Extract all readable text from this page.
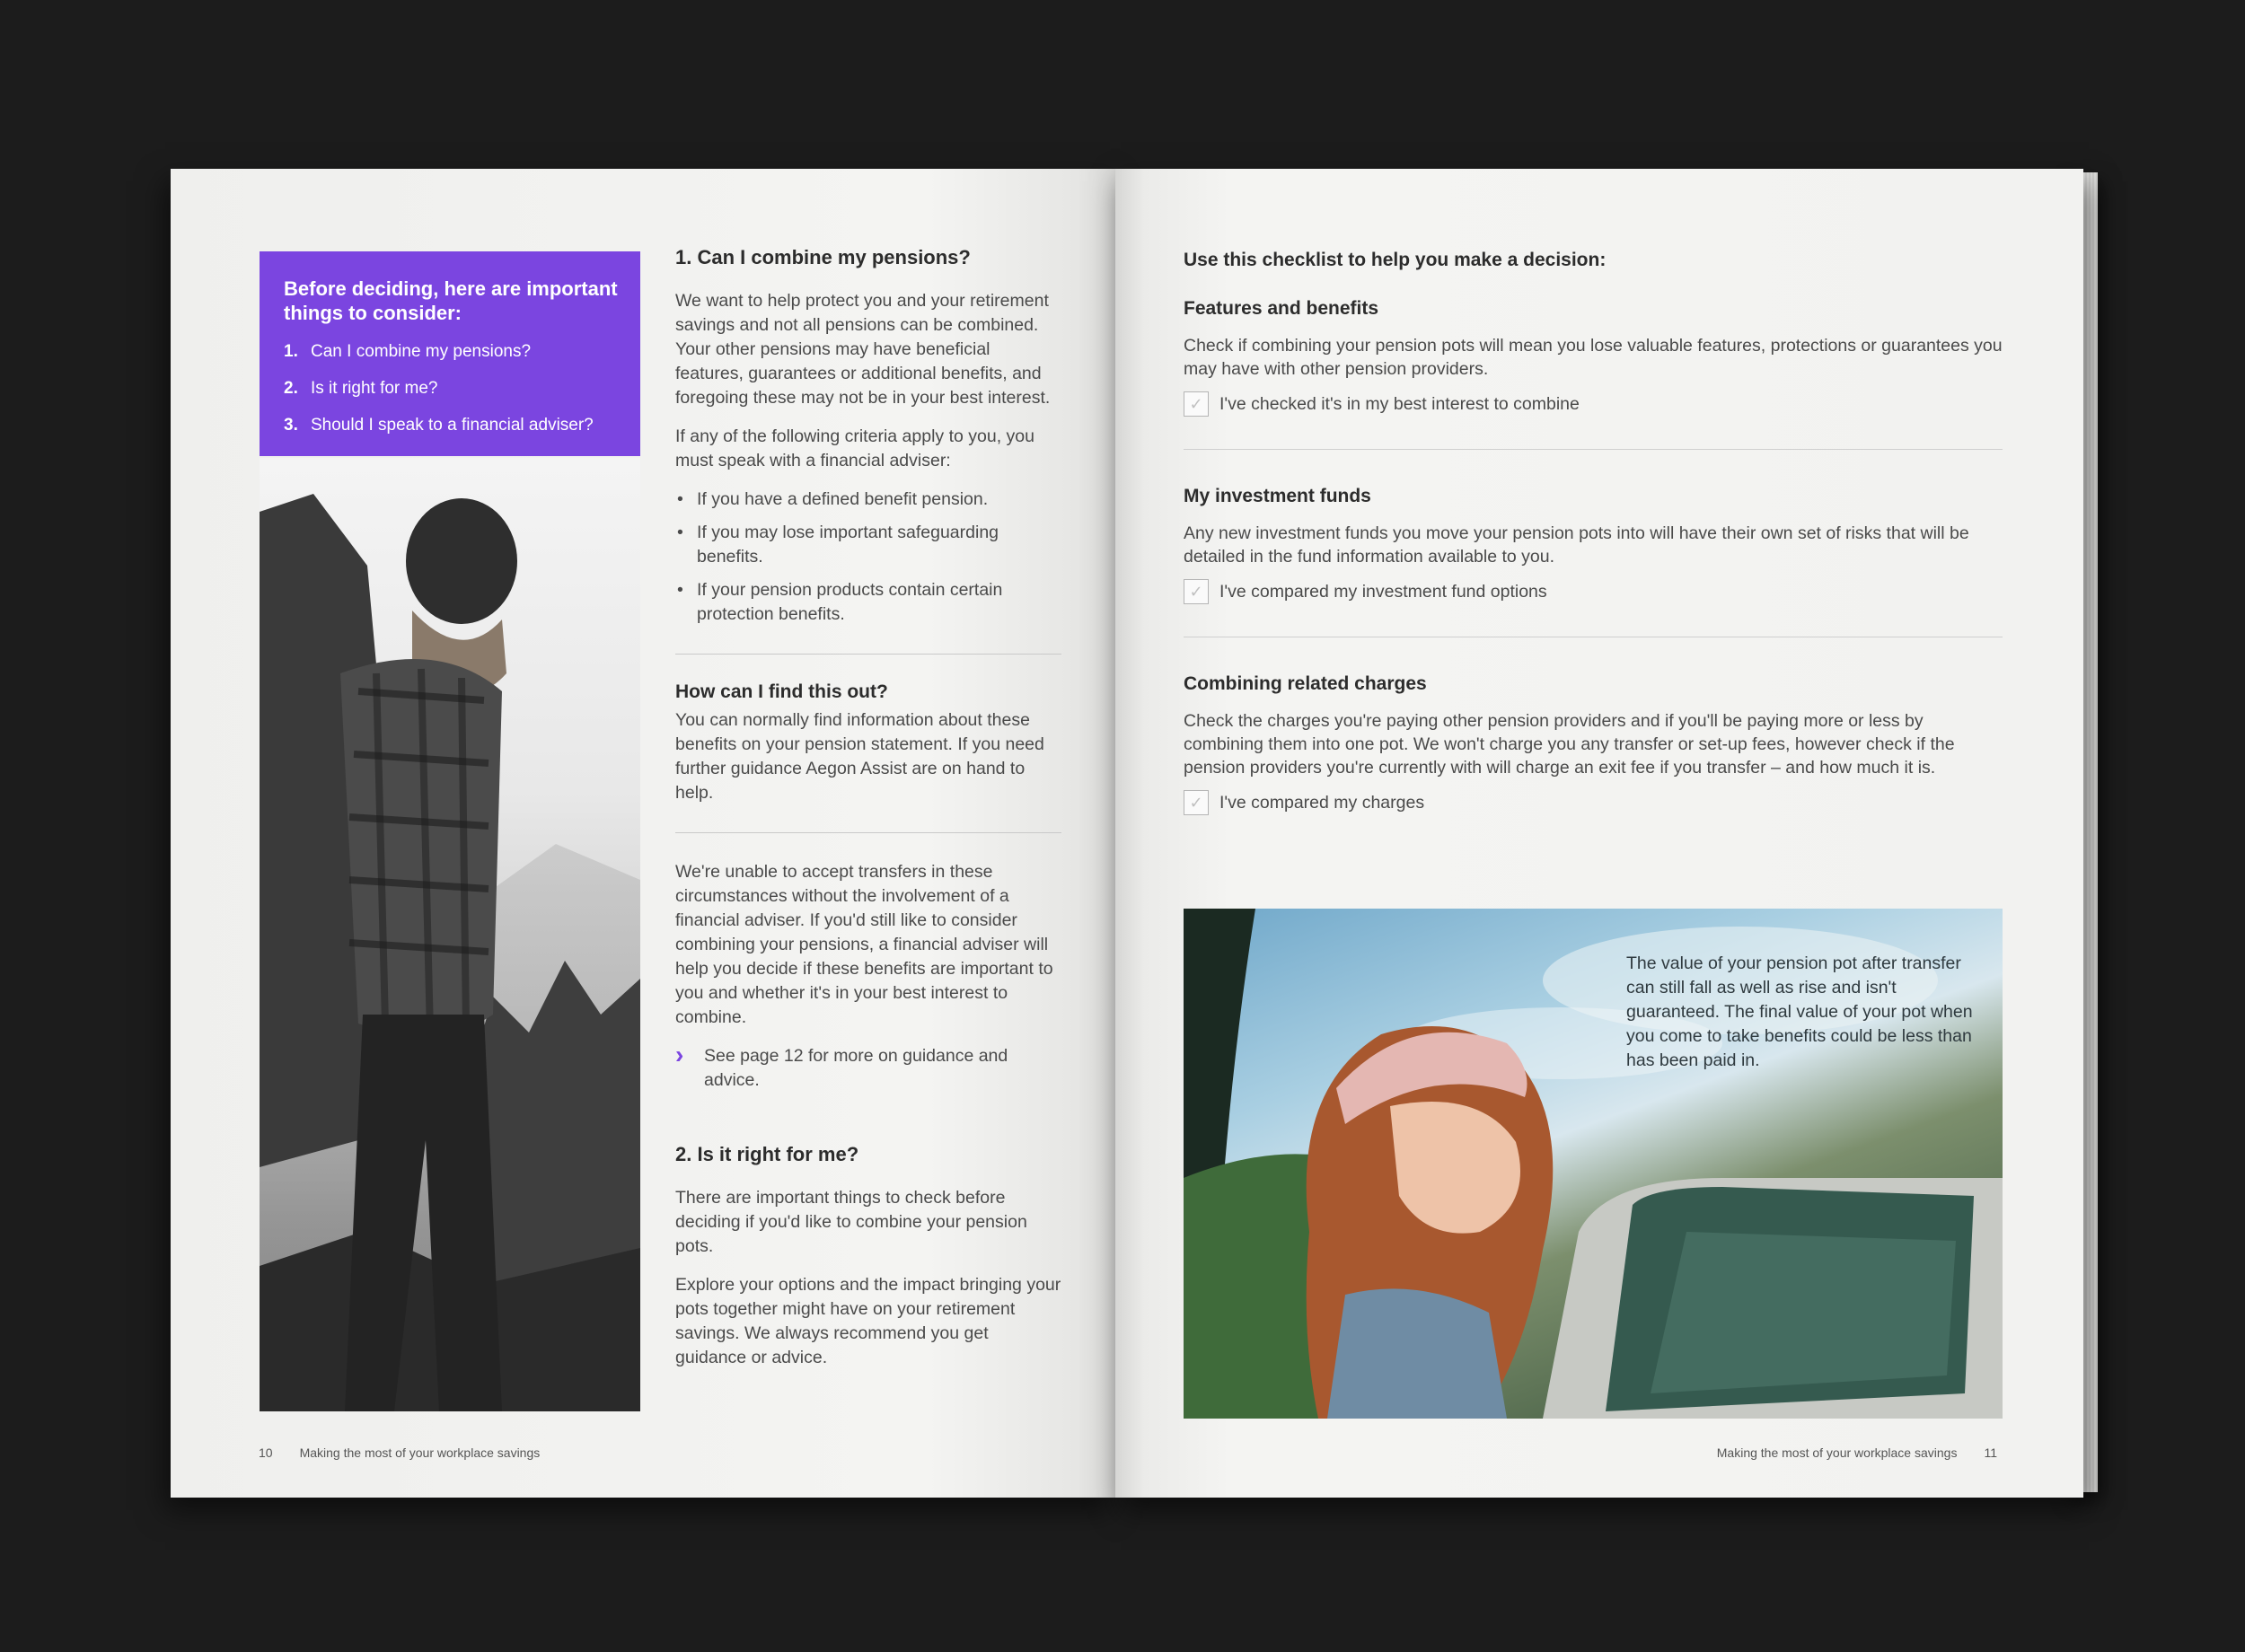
Before deciding, here are important things to consider:
1. Can I combine my pensions?
2. Is it right for me?
3. Should I speak to a financial adviser?
1. Can I combine my pensions?

We want to help protect you and your retirement savings and not all pensions can be combined. Your other pensions may have beneficial features, guarantees or additional benefits, and foregoing these may not be in your best interest.

If any of the following criteria apply to you, you must speak with a financial adviser:

• If you have a defined benefit pension.
• If you may lose important safeguarding benefits.
• If your pension products contain certain protection benefits.
How can I find this out?

You can normally find information about these benefits on your pension statement. If you need further guidance Aegon Assist are on hand to help.

We're unable to accept transfers in these circumstances without the involvement of a financial adviser. If you'd still like to consider combining your pensions, a financial adviser will help you decide if these benefits are important to you and whether it's in your best interest to combine.

›	See page 12 for more on guidance and advice.
2. Is it right for me?

There are important things to check before deciding if you'd like to combine your pension pots.

Explore your options and the impact bringing your pots together might have on your retirement savings. We always recommend you get guidance or advice.

10 Making the most of your workplace savings
Use this checklist to help you make a decision:
Features and benefits

Check if combining your pension pots will mean you lose valuable features, protections or guarantees you may have with other pension providers.

✓ I've checked it's in my best interest to combine
My investment funds

Any new investment funds you move your pension pots into will have their own set of risks that will be detailed in the fund information available to you.

✓ I've compared my investment fund options
Combining related charges

Check the charges you're paying other pension providers and if you'll be paying more or less by combining them into one pot. We won't charge you any transfer or set-up fees, however check if the pension providers you're currently with will charge an exit fee if you transfer – and how much it is.

✓ I've compared my charges
The value of your pension pot after transfer can still fall as well as rise and isn't guaranteed. The final value of your pot when you come to take benefits could be less than has been paid in.
Making the most of your workplace savings 11
